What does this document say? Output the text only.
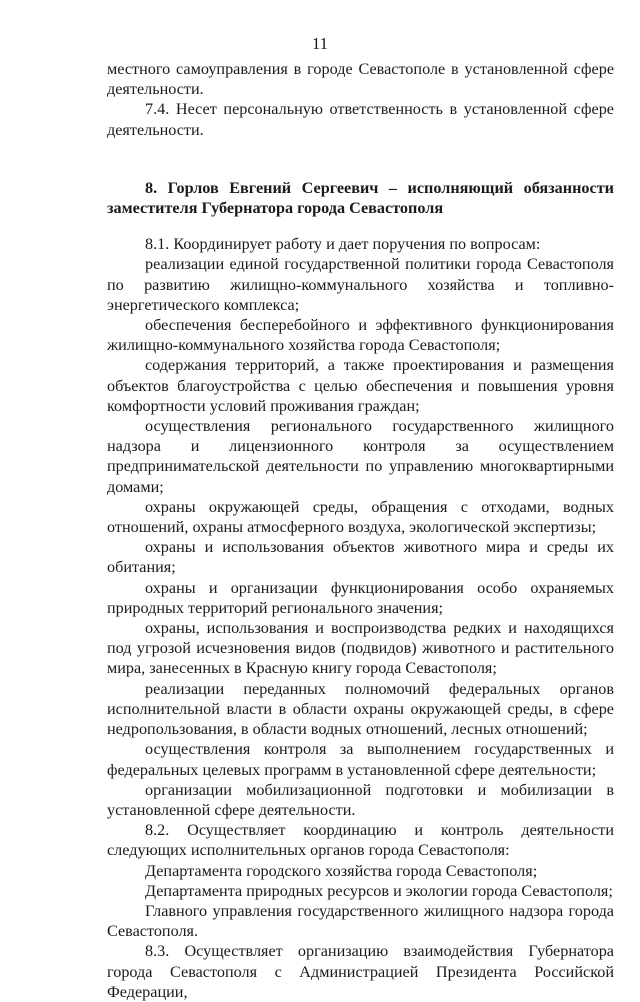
11

местного самоуправления в городе Севастополе в установленной сфере деятельности.

7.4. Несет персональную ответственность в установленной сфере деятельности.

8. Горлов Евгений Сергеевич – исполняющий обязанности заместителя Губернатора города Севастополя

8.1. Координирует работу и дает поручения по вопросам:

реализации единой государственной политики города Севастополя по развитию жилищно-коммунального хозяйства и топливно-энергетического комплекса;

обеспечения бесперебойного и эффективного функционирования жилищно-коммунального хозяйства города Севастополя;

содержания территорий, а также проектирования и размещения объектов благоустройства с целью обеспечения и повышения уровня комфортности условий проживания граждан;

осуществления регионального государственного жилищного надзора и лицензионного контроля за осуществлением предпринимательской деятельности по управлению многоквартирными домами;

охраны окружающей среды, обращения с отходами, водных отношений, охраны атмосферного воздуха, экологической экспертизы;

охраны и использования объектов животного мира и среды их обитания;

охраны и организации функционирования особо охраняемых природных территорий регионального значения;

охраны, использования и воспроизводства редких и находящихся под угрозой исчезновения видов (подвидов) животного и растительного мира, занесенных в Красную книгу города Севастополя;

реализации переданных полномочий федеральных органов исполнительной власти в области охраны окружающей среды, в сфере недропользования, в области водных отношений, лесных отношений;

осуществления контроля за выполнением государственных и федеральных целевых программ в установленной сфере деятельности;

организации мобилизационной подготовки и мобилизации в установленной сфере деятельности.

8.2. Осуществляет координацию и контроль деятельности следующих исполнительных органов города Севастополя:

Департамента городского хозяйства города Севастополя;

Департамента природных ресурсов и экологии города Севастополя;

Главного управления государственного жилищного надзора города Севастополя.

8.3. Осуществляет организацию взаимодействия Губернатора города Севастополя с Администрацией Президента Российской Федерации,
